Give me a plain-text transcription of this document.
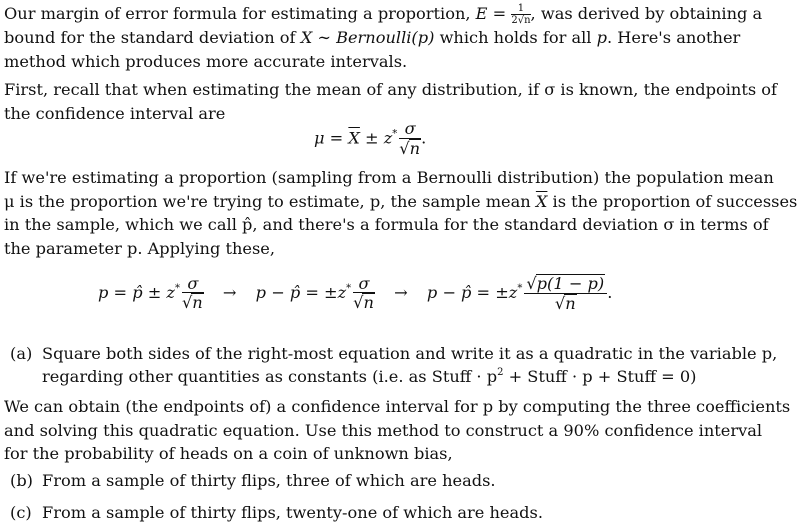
Our margin of error formula for estimating a proportion, $E = \frac{1}{2√n}$ , was derived by obtaining a
bound for the standard deviation of X ∼ Bernoulli(p) which holds for all p. Here's another
method which produces more accurate intervals.

First, recall that when estimating the mean of any distribution, if σ is known, the endpoints of
the confidence interval are

$\mu = \overline{X} \pm z^* \frac{\sigma}{√n}$ .

If we're estimating a proportion (sampling from a Bernoulli distribution) the population mean
μ is the proportion we're trying to estimate, p, the sample mean $\overline{X}$ is the proportion of successes
in the sample, which we call p̂, and there's a formula for the standard deviation σ in terms of
the parameter p. Applying these,

p = p̂ ± $z^* \frac{\sigma}{√n} \to p$ − p̂ = $\pm z^* \frac{\sigma}{√n} \to p$ − p̂ = $\pm z^* \frac{√p(1 - p)}{√n}$ .
(a) Square both sides of the right-most equation and write it as a quadratic in the variable p,
regarding other quantities as constants (i.e. as Stuff · $p^2$ + Stuff · p + Stuff = 0)

We can obtain (the endpoints of) a confidence interval for p by computing the three coefficients
and solving this quadratic equation. Use this method to construct a 90% confidence interval
for the probability of heads on a coin of unknown bias,

(b) From a sample of thirty flips, three of which are heads.
(c) From a sample of thirty flips, twenty-one of which are heads.
